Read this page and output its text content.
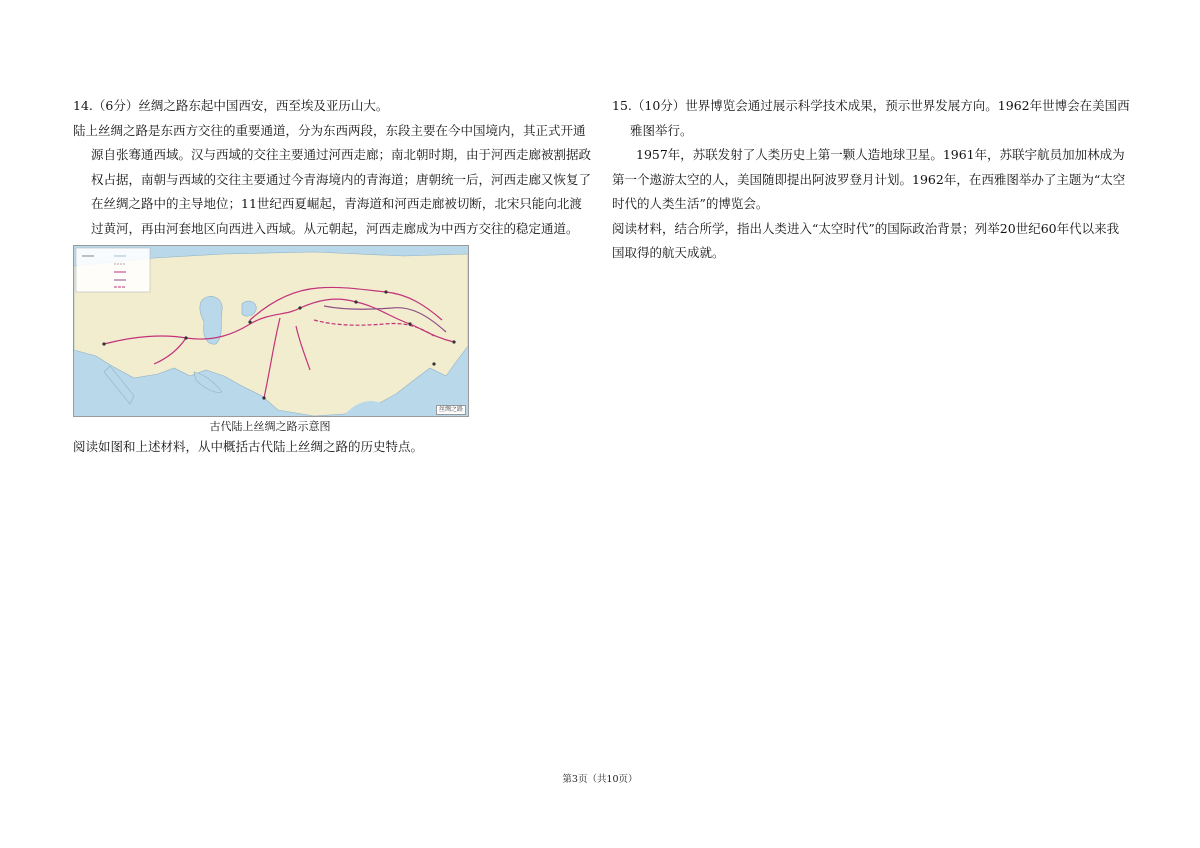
14.（6分）丝绸之路东起中国西安，西至埃及亚历山大。

陆上丝绸之路是东西方交往的重要通道，分为东西两段，东段主要在今中国境内，其正式开通源自张骞通西域。汉与西域的交往主要通过河西走廊；南北朝时期，由于河西走廊被割据政权占据，南朝与西域的交往主要通过今青海境内的青海道；唐朝统一后，河西走廊又恢复了在丝绸之路中的主导地位；11世纪西夏崛起，青海道和河西走廊被切断，北宋只能向北渡过黄河，再由河套地区向西进入西域。从元朝起，河西走廊成为中西方交往的稳定通道。

丝绸之路
古代陆上丝绸之路示意图

阅读如图和上述材料，从中概括古代陆上丝绸之路的历史特点。

15.（10分）世界博览会通过展示科学技术成果，预示世界发展方向。1962年世博会在美国西雅图举行。

1957年，苏联发射了人类历史上第一颗人造地球卫星。1961年，苏联宇航员加加林成为第一个遨游太空的人，美国随即提出阿波罗登月计划。1962年，在西雅图举办了主题为“太空时代的人类生活”的博览会。

阅读材料，结合所学，指出人类进入“太空时代”的国际政治背景；列举20世纪60年代以来我国取得的航天成就。

第3页（共10页）
